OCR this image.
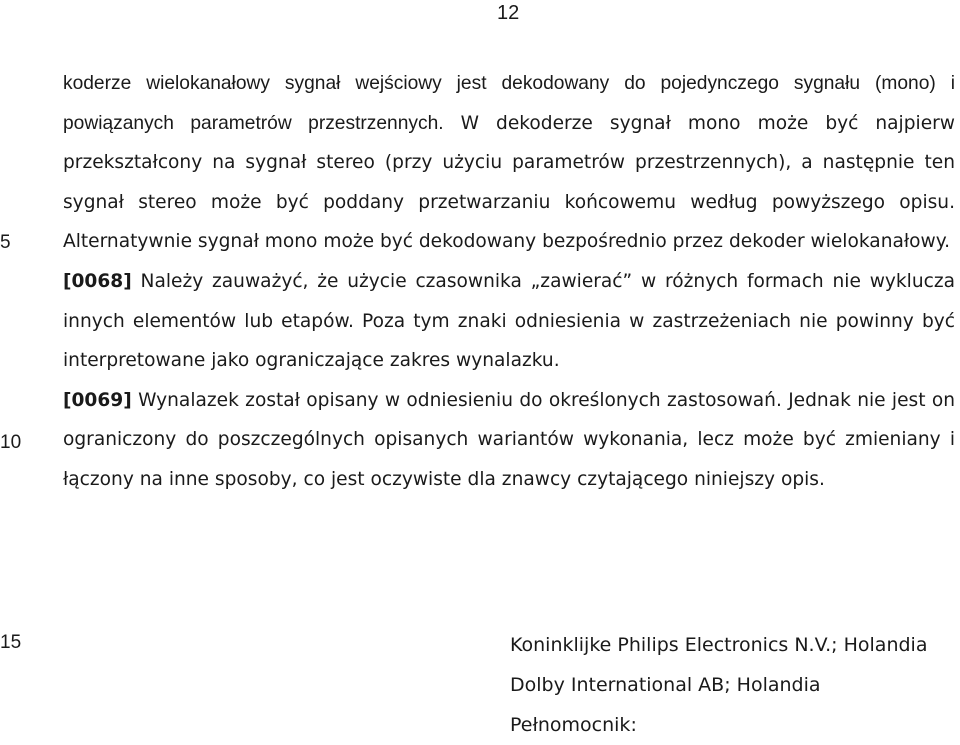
12
5
10
15

koderze wielokanałowy sygnał wejściowy jest dekodowany do pojedynczego sygnału (mono) i powiązanych parametrów przestrzennych. W dekoderze sygnał mono może być najpierw przekształcony na sygnał stereo (przy użyciu parametrów przestrzennych), a następnie ten sygnał stereo może być poddany przetwarzaniu końcowemu według powyższego opisu. Alternatywnie sygnał mono może być dekodowany bezpośrednio przez dekoder wielokanałowy.

[0068] Należy zauważyć, że użycie czasownika „zawierać” w różnych formach nie wyklucza innych elementów lub etapów. Poza tym znaki odniesienia w zastrzeżeniach nie powinny być interpretowane jako ograniczające zakres wynalazku.

[0069] Wynalazek został opisany w odniesieniu do określonych zastosowań. Jednak nie jest on ograniczony do poszczególnych opisanych wariantów wykonania, lecz może być zmieniany i łączony na inne sposoby, co jest oczywiste dla znawcy czytającego niniejszy opis.

Koninklijke Philips Electronics N.V.; Holandia
Dolby International AB; Holandia
Pełnomocnik:
